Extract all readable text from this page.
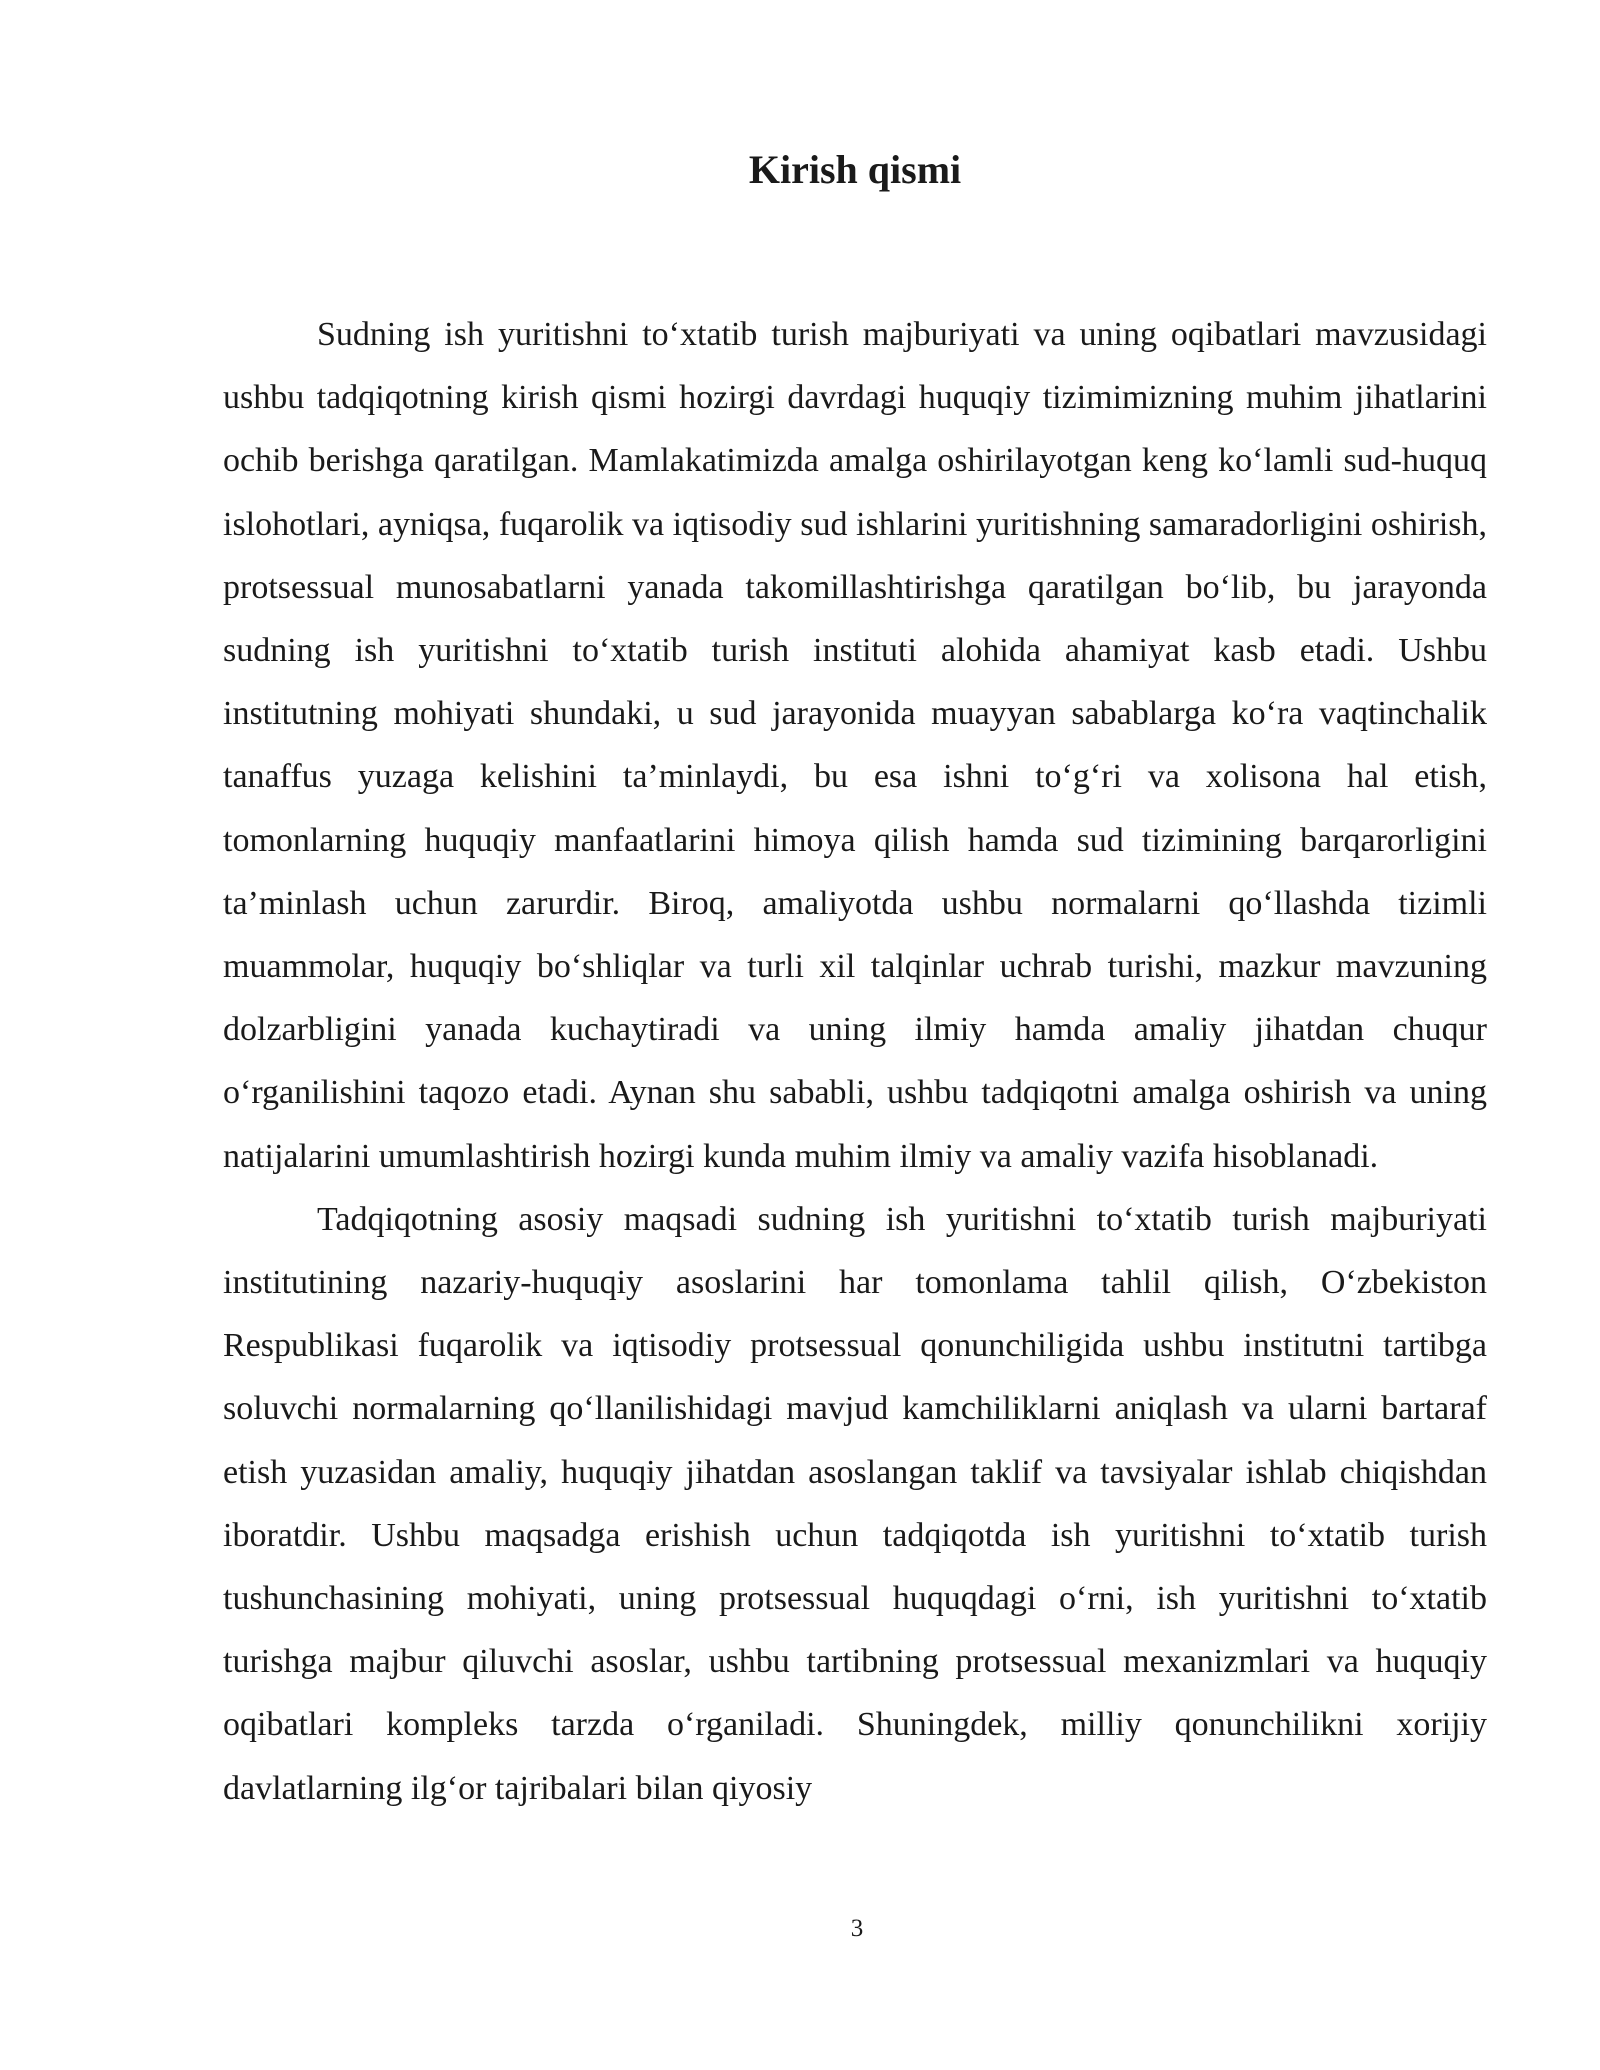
Kirish qismi

Sudning ish yuritishni to‘xtatib turish majburiyati va uning oqibatlari mavzusidagi ushbu tadqiqotning kirish qismi hozirgi davrdagi huquqiy tizimimizning muhim jihatlarini ochib berishga qaratilgan. Mamlakatimizda amalga oshirilayotgan keng ko‘lamli sud-huquq islohotlari, ayniqsa, fuqarolik va iqtisodiy sud ishlarini yuritishning samaradorligini oshirish, protsessual munosabatlarni yanada takomillashtirishga qaratilgan bo‘lib, bu jarayonda sudning ish yuritishni to‘xtatib turish instituti alohida ahamiyat kasb etadi. Ushbu institutning mohiyati shundaki, u sud jarayonida muayyan sabablarga ko‘ra vaqtinchalik tanaffus yuzaga kelishini ta’minlaydi, bu esa ishni to‘g‘ri va xolisona hal etish, tomonlarning huquqiy manfaatlarini himoya qilish hamda sud tizimining barqarorligini ta’minlash uchun zarurdir. Biroq, amaliyotda ushbu normalarni qo‘llashda tizimli muammolar, huquqiy bo‘shliqlar va turli xil talqinlar uchrab turishi, mazkur mavzuning dolzarbligini yanada kuchaytiradi va uning ilmiy hamda amaliy jihatdan chuqur o‘rganilishini taqozo etadi. Aynan shu sababli, ushbu tadqiqotni amalga oshirish va uning natijalarini umumlashtirish hozirgi kunda muhim ilmiy va amaliy vazifa hisoblanadi.

Tadqiqotning asosiy maqsadi sudning ish yuritishni to‘xtatib turish majburiyati institutining nazariy-huquqiy asoslarini har tomonlama tahlil qilish, O‘zbekiston Respublikasi fuqarolik va iqtisodiy protsessual qonunchiligida ushbu institutni tartibga soluvchi normalarning qo‘llanilishidagi mavjud kamchiliklarni aniqlash va ularni bartaraf etish yuzasidan amaliy, huquqiy jihatdan asoslangan taklif va tavsiyalar ishlab chiqishdan iboratdir. Ushbu maqsadga erishish uchun tadqiqotda ish yuritishni to‘xtatib turish tushunchasining mohiyati, uning protsessual huquqdagi o‘rni, ish yuritishni to‘xtatib turishga majbur qiluvchi asoslar, ushbu tartibning protsessual mexanizmlari va huquqiy oqibatlari kompleks tarzda o‘rganiladi. Shuningdek, milliy qonunchilikni xorijiy davlatlarning ilg‘or tajribalari bilan qiyosiy

3
